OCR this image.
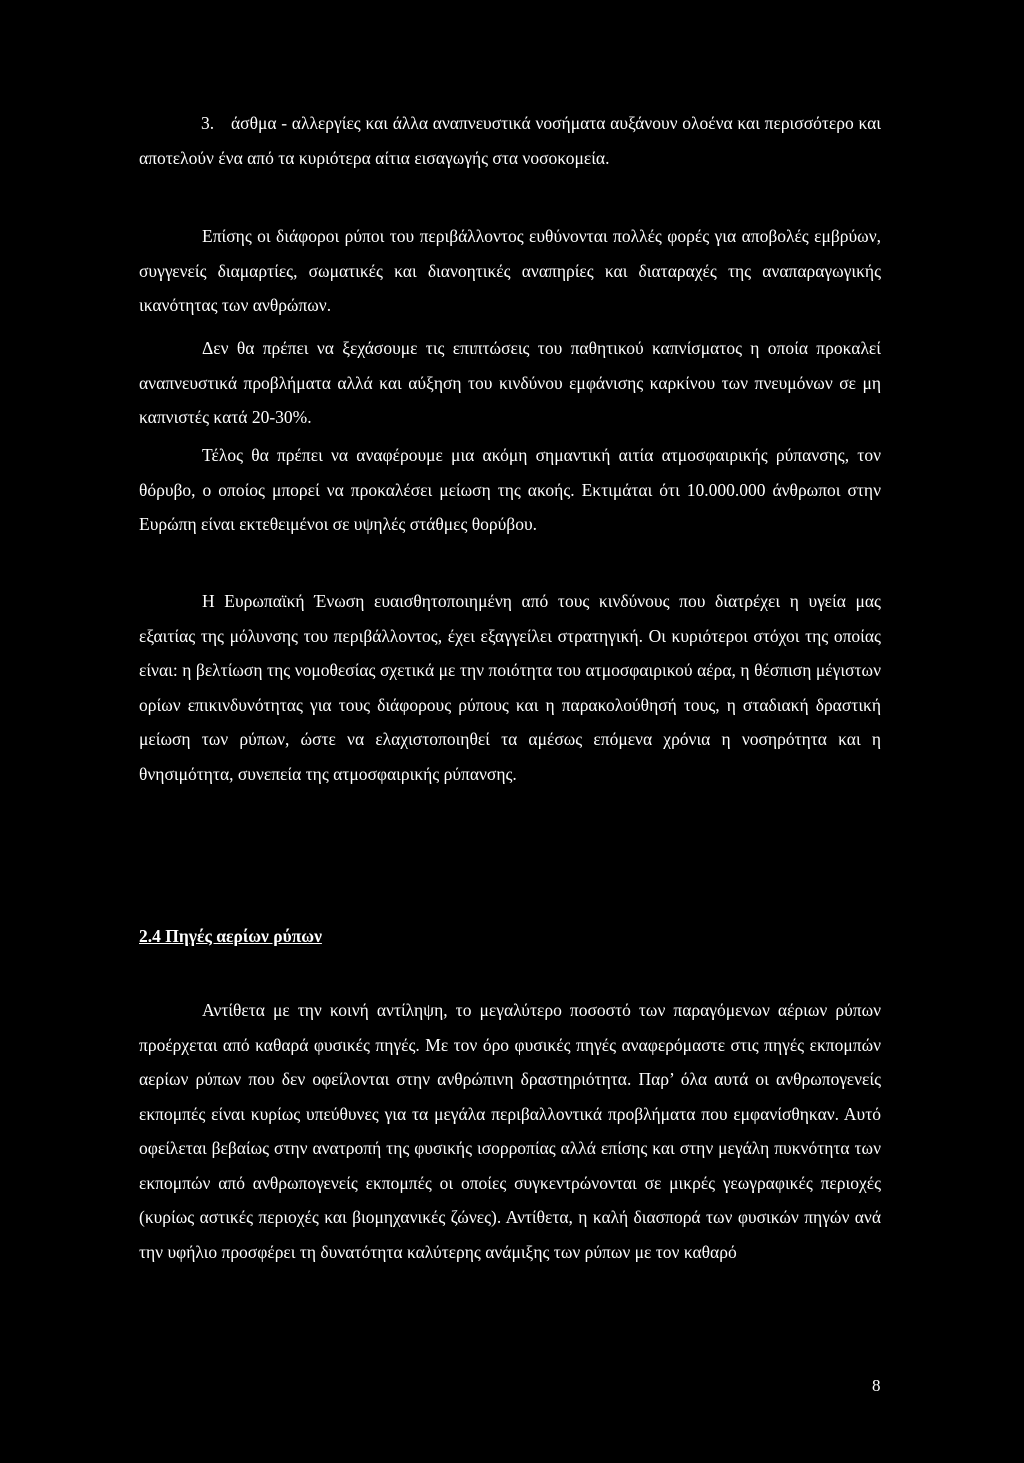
3. άσθμα - αλλεργίες και άλλα αναπνευστικά νοσήματα αυξάνουν ολοένα και περισσότερο και αποτελούν ένα από τα κυριότερα αίτια εισαγωγής στα νοσοκομεία.

Επίσης οι διάφοροι ρύποι του περιβάλλοντος ευθύνονται πολλές φορές για αποβολές εμβρύων, συγγενείς διαμαρτίες, σωματικές και διανοητικές αναπηρίες και διαταραχές της αναπαραγωγικής ικανότητας των ανθρώπων.

Δεν θα πρέπει να ξεχάσουμε τις επιπτώσεις του παθητικού καπνίσματος η οποία προκαλεί αναπνευστικά προβλήματα αλλά και αύξηση του κινδύνου εμφάνισης καρκίνου των πνευμόνων σε μη καπνιστές κατά 20-30%.

Τέλος θα πρέπει να αναφέρουμε μια ακόμη σημαντική αιτία ατμοσφαιρικής ρύπανσης, τον θόρυβο, ο οποίος μπορεί να προκαλέσει μείωση της ακοής. Εκτιμάται ότι 10.000.000 άνθρωποι στην Ευρώπη είναι εκτεθειμένοι σε υψηλές στάθμες θορύβου.

Η Ευρωπαϊκή Ένωση ευαισθητοποιημένη από τους κινδύνους που διατρέχει η υγεία μας εξαιτίας της μόλυνσης του περιβάλλοντος, έχει εξαγγείλει στρατηγική. Οι κυριότεροι στόχοι της οποίας είναι: η βελτίωση της νομοθεσίας σχετικά με την ποιότητα του ατμοσφαιρικού αέρα, η θέσπιση μέγιστων ορίων επικινδυνότητας για τους διάφορους ρύπους και η παρακολούθησή τους, η σταδιακή δραστική μείωση των ρύπων, ώστε να ελαχιστοποιηθεί τα αμέσως επόμενα χρόνια η νοσηρότητα και η θνησιμότητα, συνεπεία της ατμοσφαιρικής ρύπανσης.

2.4 Πηγές αερίων ρύπων

Αντίθετα με την κοινή αντίληψη, το μεγαλύτερο ποσοστό των παραγόμενων αέριων ρύπων προέρχεται από καθαρά φυσικές πηγές. Με τον όρο φυσικές πηγές αναφερόμαστε στις πηγές εκπομπών αερίων ρύπων που δεν οφείλονται στην ανθρώπινη δραστηριότητα. Παρ’ όλα αυτά οι ανθρωπογενείς εκπομπές είναι κυρίως υπεύθυνες για τα μεγάλα περιβαλλοντικά προβλήματα που εμφανίσθηκαν. Αυτό οφείλεται βεβαίως στην ανατροπή της φυσικής ισορροπίας αλλά επίσης και στην μεγάλη πυκνότητα των εκπομπών από ανθρωπογενείς εκπομπές οι οποίες συγκεντρώνονται σε μικρές γεωγραφικές περιοχές (κυρίως αστικές περιοχές και βιομηχανικές ζώνες). Αντίθετα, η καλή διασπορά των φυσικών πηγών ανά την υφήλιο προσφέρει τη δυνατότητα καλύτερης ανάμιξης των ρύπων με τον καθαρό

8
